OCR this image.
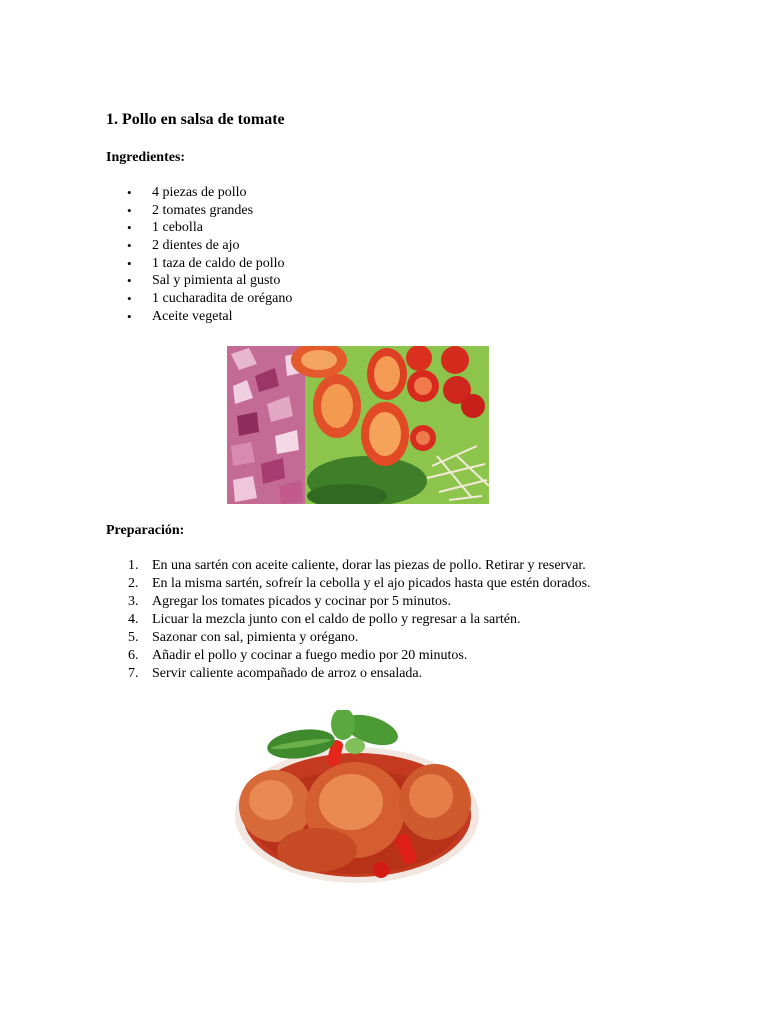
1. Pollo en salsa de tomate
Ingredientes:
• 4 piezas de pollo
• 2 tomates grandes
• 1 cebolla
• 2 dientes de ajo
• 1 taza de caldo de pollo
• Sal y pimienta al gusto
• 1 cucharadita de orégano
• Aceite vegetal
Preparación:
1. En una sartén con aceite caliente, dorar las piezas de pollo. Retirar y reservar.
2. En la misma sartén, sofreír la cebolla y el ajo picados hasta que estén dorados.
3. Agregar los tomates picados y cocinar por 5 minutos.
4. Licuar la mezcla junto con el caldo de pollo y regresar a la sartén.
5. Sazonar con sal, pimienta y orégano.
6. Añadir el pollo y cocinar a fuego medio por 20 minutos.
7. Servir caliente acompañado de arroz o ensalada.
